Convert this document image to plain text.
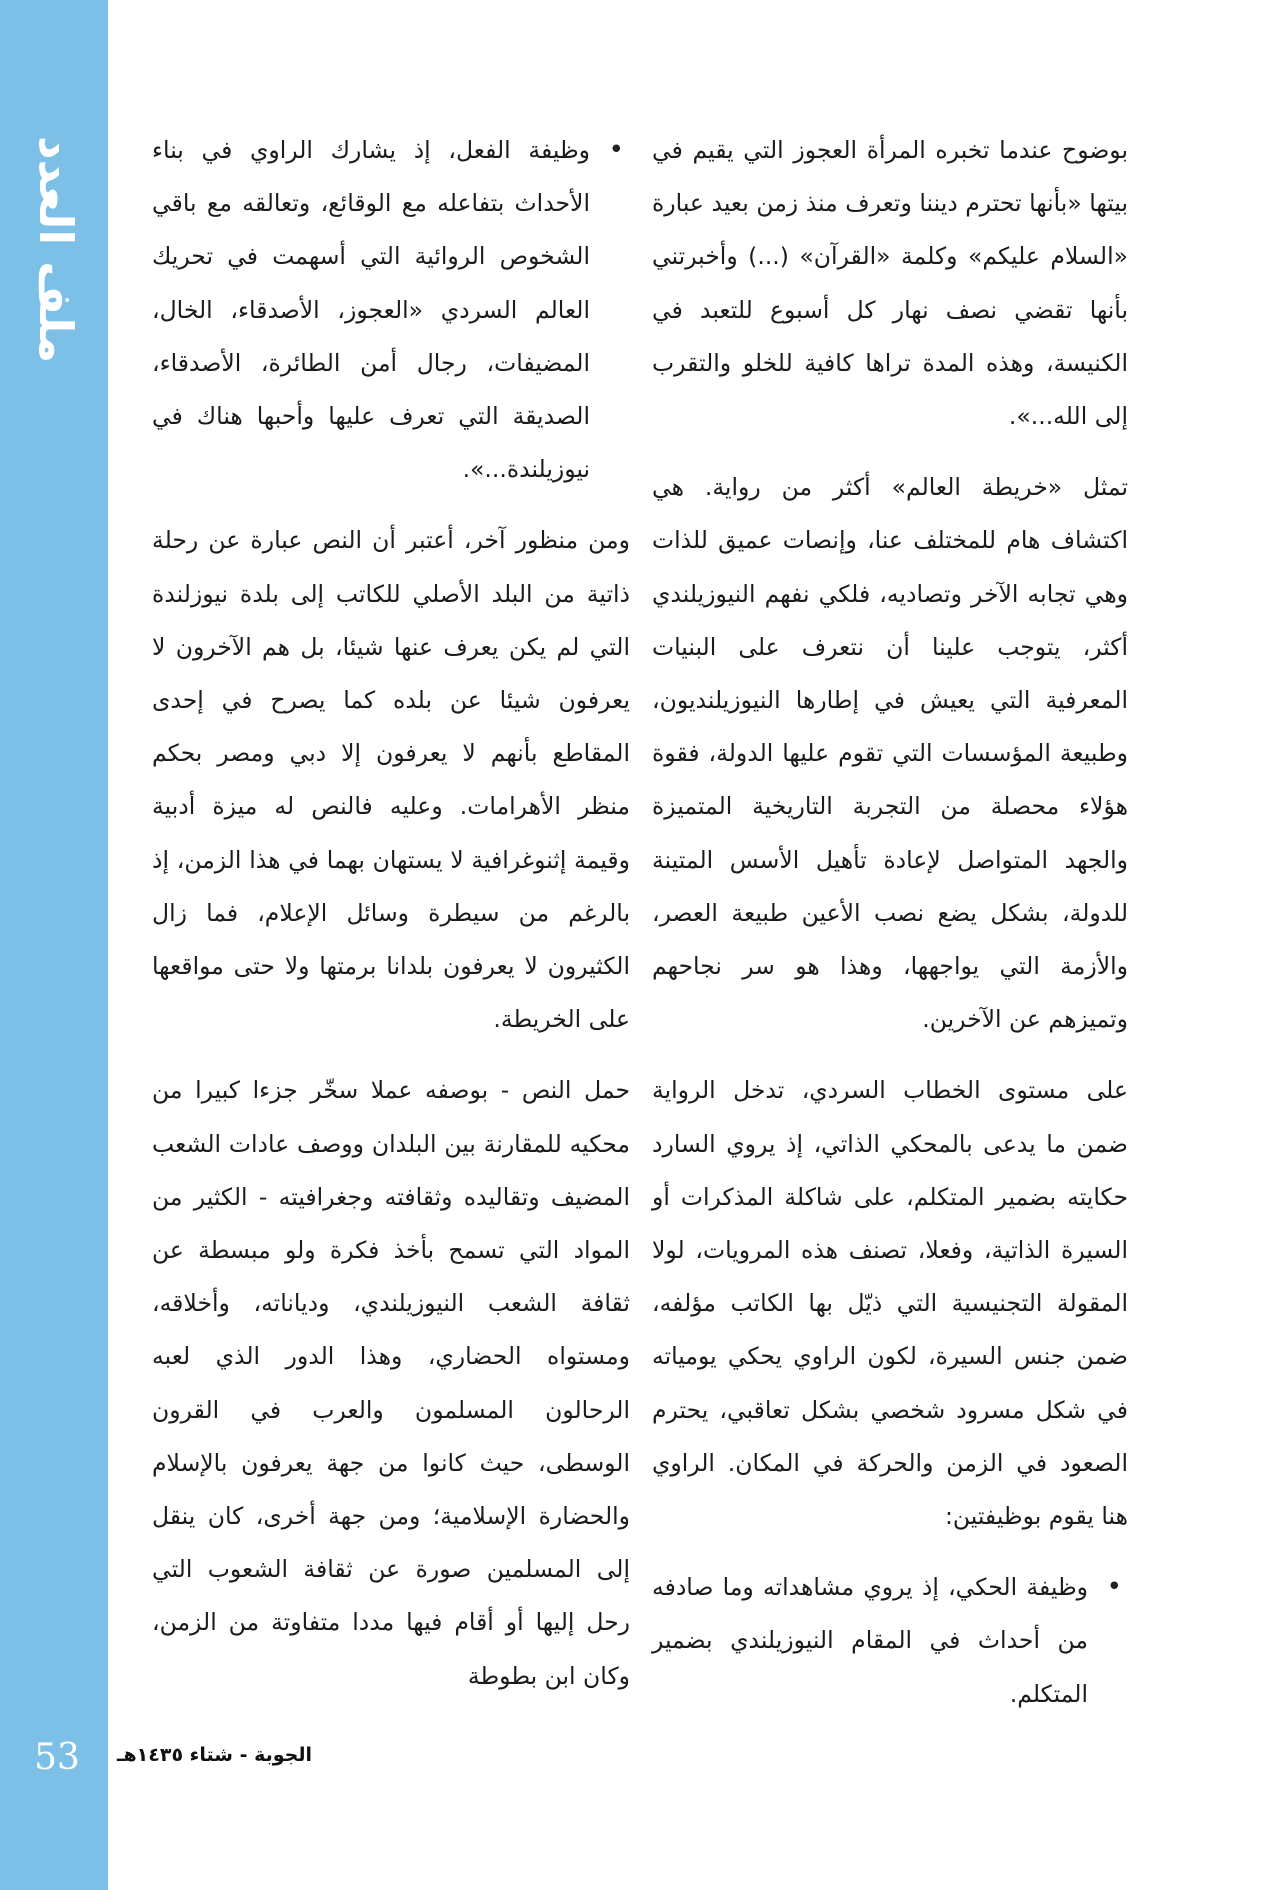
ملف العدد
53	الجوبة - شتاء ١٤٣٥هـ

بوضوح عندما تخبره المرأة العجوز التي يقيم في بيتها «بأنها تحترم ديننا وتعرف منذ زمن بعيد عبارة «السلام عليكم» وكلمة «القرآن» (...) وأخبرتني بأنها تقضي نصف نهار كل أسبوع للتعبد في الكنيسة، وهذه المدة تراها كافية للخلو والتقرب إلى الله...».

تمثل «خريطة العالم» أكثر من رواية. هي اكتشاف هام للمختلف عنا، وإنصات عميق للذات وهي تجابه الآخر وتصاديه، فلكي نفهم النيوزيلندي أكثر، يتوجب علينا أن نتعرف على البنيات المعرفية التي يعيش في إطارها النيوزيلنديون، وطبيعة المؤسسات التي تقوم عليها الدولة، فقوة هؤلاء محصلة من التجربة التاريخية المتميزة والجهد المتواصل لإعادة تأهيل الأسس المتينة للدولة، بشكل يضع نصب الأعين طبيعة العصر، والأزمة التي يواجهها، وهذا هو سر نجاحهم وتميزهم عن الآخرين.

على مستوى الخطاب السردي، تدخل الرواية ضمن ما يدعى بالمحكي الذاتي، إذ يروي السارد حكايته بضمير المتكلم، على شاكلة المذكرات أو السيرة الذاتية، وفعلا، تصنف هذه المرويات، لولا المقولة التجنيسية التي ذيّل بها الكاتب مؤلفه، ضمن جنس السيرة، لكون الراوي يحكي يومياته في شكل مسرود شخصي بشكل تعاقبي، يحترم الصعود في الزمن والحركة في المكان. الراوي هنا يقوم بوظيفتين:

•
وظيفة الحكي، إذ يروي مشاهداته وما صادفه من أحداث في المقام النيوزيلندي بضمير المتكلم.

•
وظيفة الفعل، إذ يشارك الراوي في بناء الأحداث بتفاعله مع الوقائع، وتعالقه مع باقي الشخوص الروائية التي أسهمت في تحريك العالم السردي «العجوز، الأصدقاء، الخال، المضيفات، رجال أمن الطائرة، الأصدقاء، الصديقة التي تعرف عليها وأحبها هناك في نيوزيلندة...».

ومن منظور آخر، أعتبر أن النص عبارة عن رحلة ذاتية من البلد الأصلي للكاتب إلى بلدة نيوزلندة التي لم يكن يعرف عنها شيئا، بل هم الآخرون لا يعرفون شيئا عن بلده كما يصرح في إحدى المقاطع بأنهم لا يعرفون إلا دبي ومصر بحكم منظر الأهرامات. وعليه فالنص له ميزة أدبية وقيمة إثنوغرافية لا يستهان بهما في هذا الزمن، إذ بالرغم من سيطرة وسائل الإعلام، فما زال الكثيرون لا يعرفون بلدانا برمتها ولا حتى مواقعها على الخريطة.

حمل النص - بوصفه عملا سخّر جزءا كبيرا من محكيه للمقارنة بين البلدان ووصف عادات الشعب المضيف وتقاليده وثقافته وجغرافيته - الكثير من المواد التي تسمح بأخذ فكرة ولو مبسطة عن ثقافة الشعب النيوزيلندي، ودياناته، وأخلاقه، ومستواه الحضاري، وهذا الدور الذي لعبه الرحالون المسلمون والعرب في القرون الوسطى، حيث كانوا من جهة يعرفون بالإسلام والحضارة الإسلامية؛ ومن جهة أخرى، كان ينقل إلى المسلمين صورة عن ثقافة الشعوب التي رحل إليها أو أقام فيها مددا متفاوتة من الزمن، وكان ابن بطوطة
